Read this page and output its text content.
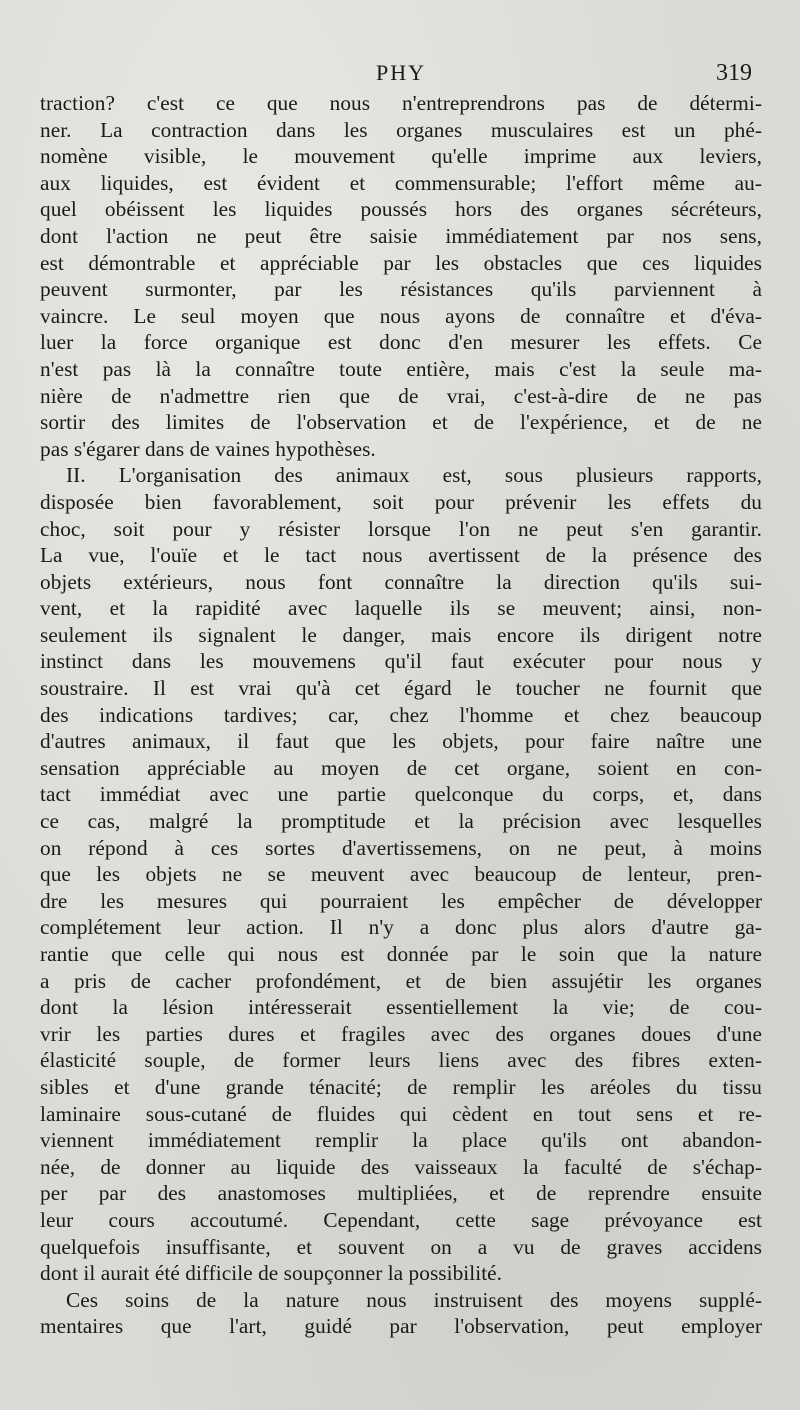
PHY	319
traction? c'est ce que nous n'entreprendrons pas de détermi-
ner. La contraction dans les organes musculaires est un phé-
nomène visible, le mouvement qu'elle imprime aux leviers,
aux liquides, est évident et commensurable; l'effort même au-
quel obéissent les liquides poussés hors des organes sécréteurs,
dont l'action ne peut être saisie immédiatement par nos sens,
est démontrable et appréciable par les obstacles que ces liquides
peuvent surmonter, par les résistances qu'ils parviennent à
vaincre. Le seul moyen que nous ayons de connaître et d'éva-
luer la force organique est donc d'en mesurer les effets. Ce
n'est pas là la connaître toute entière, mais c'est la seule ma-
nière de n'admettre rien que de vrai, c'est-à-dire de ne pas
sortir des limites de l'observation et de l'expérience, et de ne
pas s'égarer dans de vaines hypothèses.
II. L'organisation des animaux est, sous plusieurs rapports,
disposée bien favorablement, soit pour prévenir les effets du
choc, soit pour y résister lorsque l'on ne peut s'en garantir.
La vue, l'ouïe et le tact nous avertissent de la présence des
objets extérieurs, nous font connaître la direction qu'ils sui-
vent, et la rapidité avec laquelle ils se meuvent; ainsi, non-
seulement ils signalent le danger, mais encore ils dirigent notre
instinct dans les mouvemens qu'il faut exécuter pour nous y
soustraire. Il est vrai qu'à cet égard le toucher ne fournit que
des indications tardives; car, chez l'homme et chez beaucoup
d'autres animaux, il faut que les objets, pour faire naître une
sensation appréciable au moyen de cet organe, soient en con-
tact immédiat avec une partie quelconque du corps, et, dans
ce cas, malgré la promptitude et la précision avec lesquelles
on répond à ces sortes d'avertissemens, on ne peut, à moins
que les objets ne se meuvent avec beaucoup de lenteur, pren-
dre les mesures qui pourraient les empêcher de développer
complétement leur action. Il n'y a donc plus alors d'autre ga-
rantie que celle qui nous est donnée par le soin que la nature
a pris de cacher profondément, et de bien assujétir les organes
dont la lésion intéresserait essentiellement la vie; de cou-
vrir les parties dures et fragiles avec des organes doues d'une
élasticité souple, de former leurs liens avec des fibres exten-
sibles et d'une grande ténacité; de remplir les aréoles du tissu
laminaire sous-cutané de fluides qui cèdent en tout sens et re-
viennent immédiatement remplir la place qu'ils ont abandon-
née, de donner au liquide des vaisseaux la faculté de s'échap-
per par des anastomoses multipliées, et de reprendre ensuite
leur cours accoutumé. Cependant, cette sage prévoyance est
quelquefois insuffisante, et souvent on a vu de graves accidens
dont il aurait été difficile de soupçonner la possibilité.
Ces soins de la nature nous instruisent des moyens supplé-
mentaires que l'art, guidé par l'observation, peut employer
